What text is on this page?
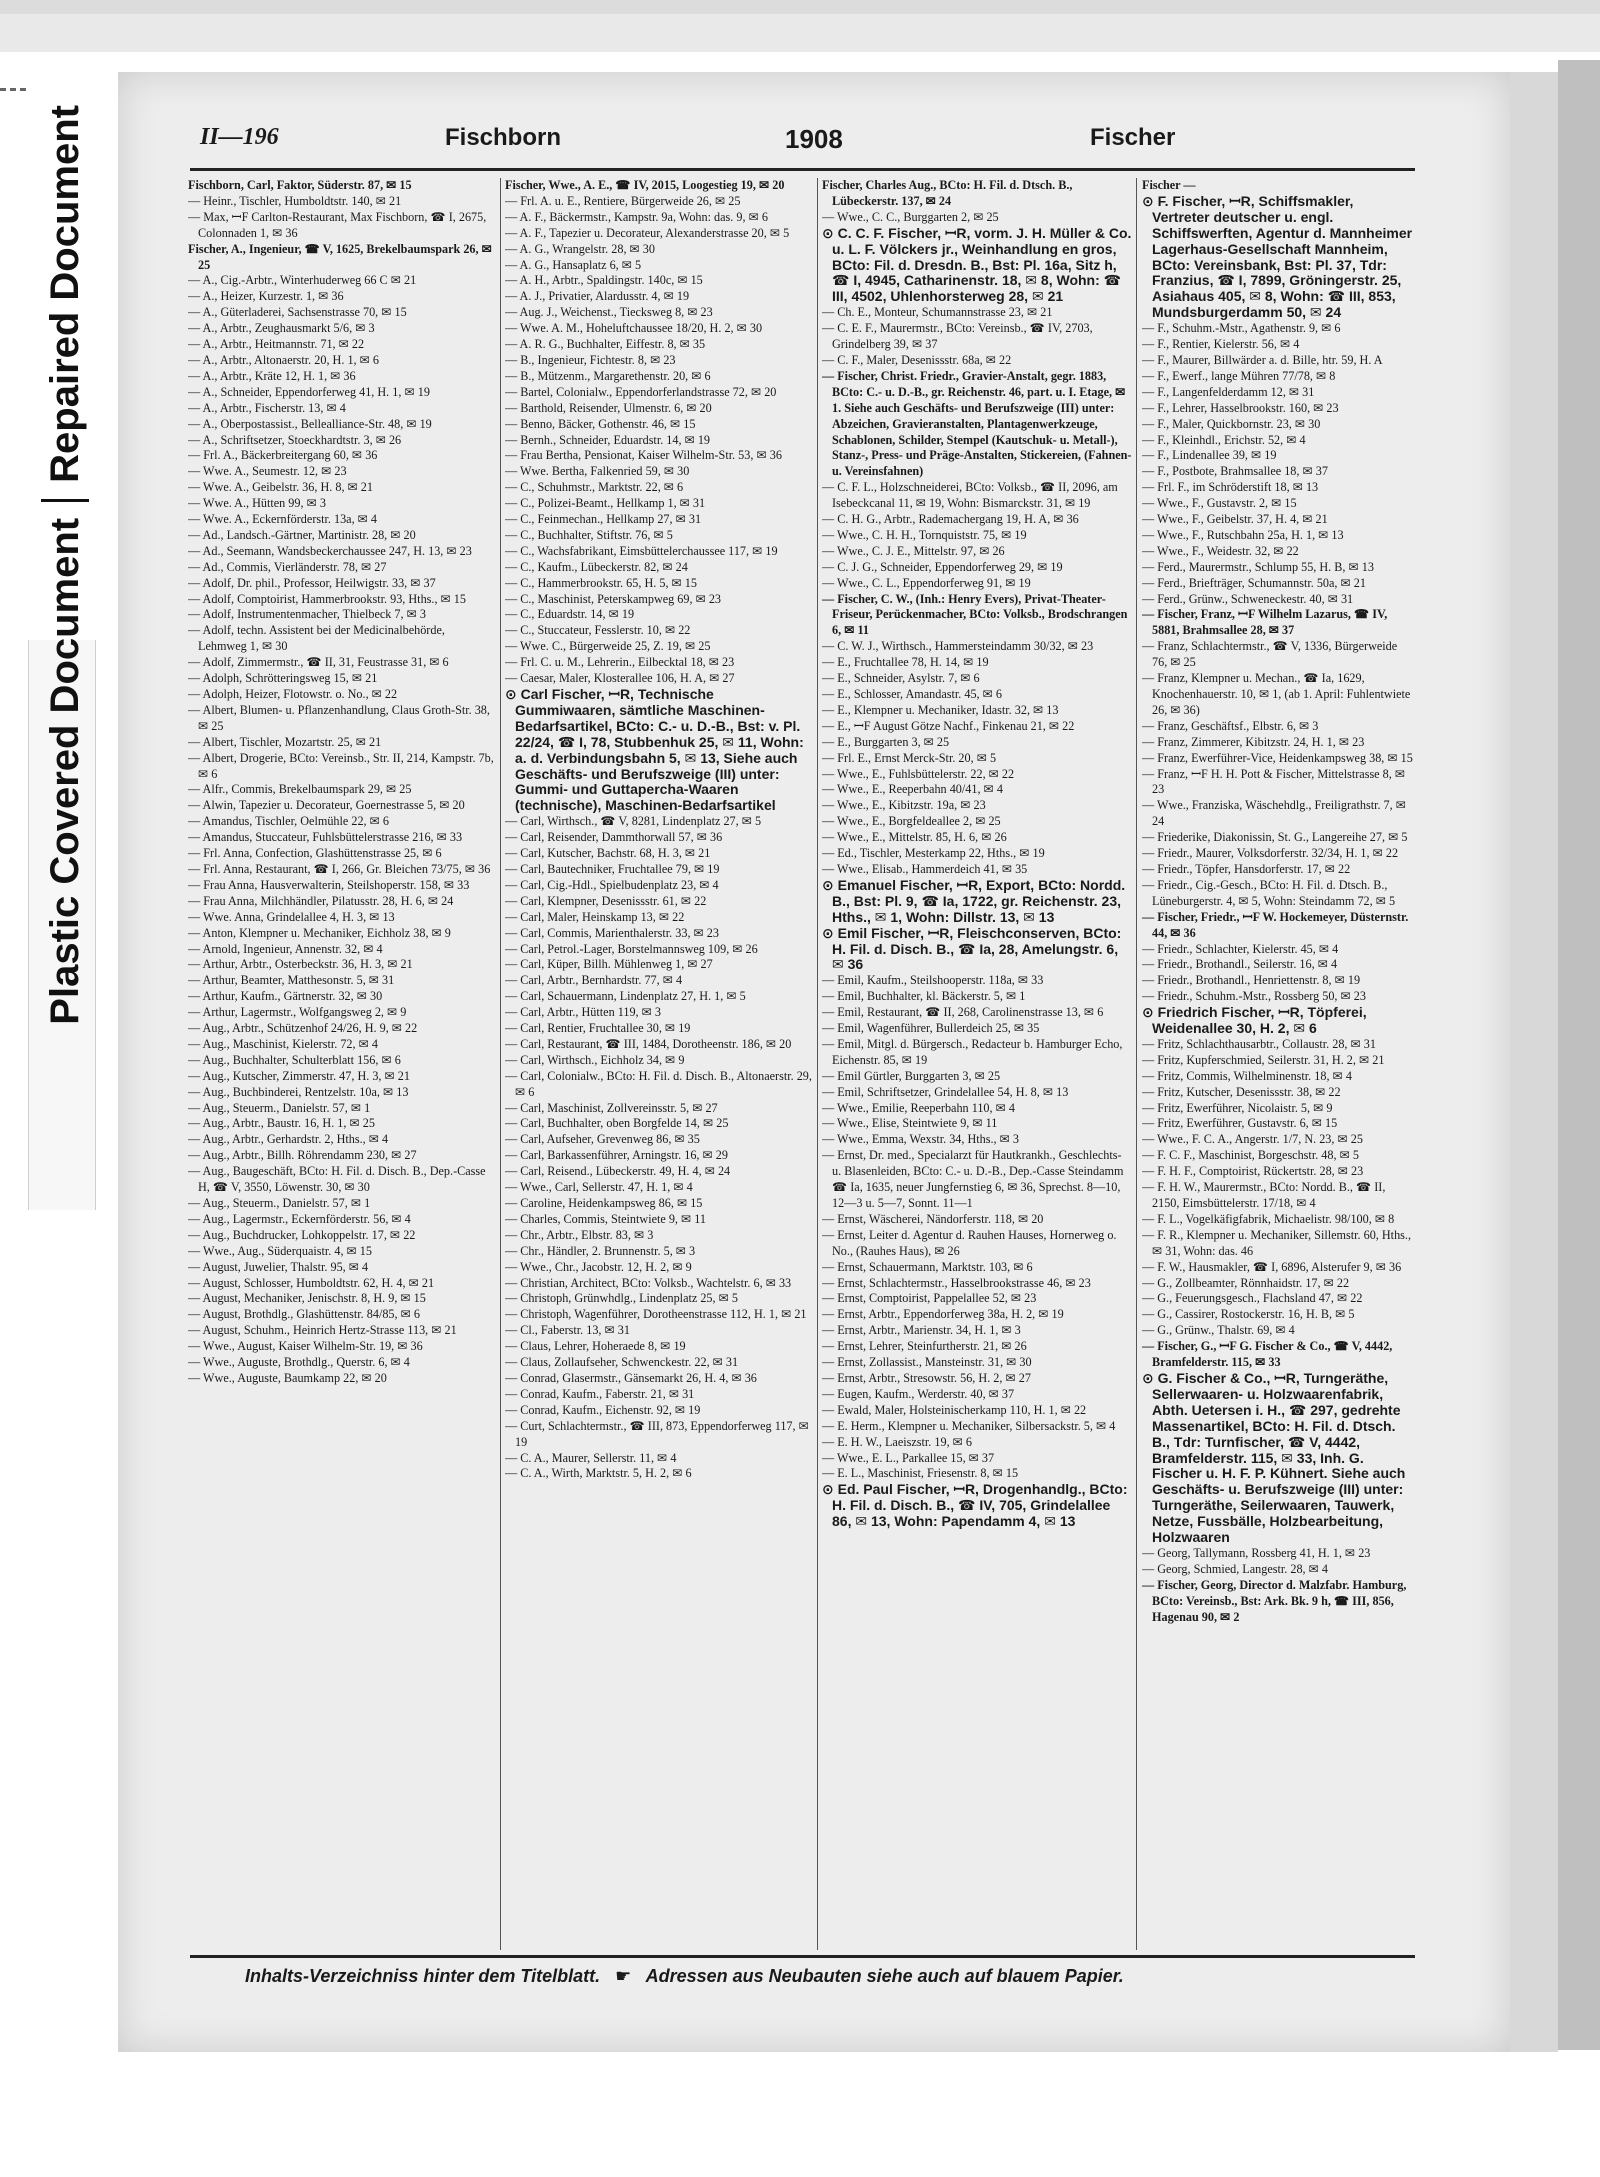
Plastic Covered Document
Repaired Document	II—196	Fischborn	1908	Fischer

Fischborn, Carl, Faktor, Süderstr. 87, ✉ 15

— Heinr., Tischler, Humboldtstr. 140, ✉ 21

— Max, ꟷF Carlton-Restaurant, Max Fischborn, ☎ I, 2675, Colonnaden 1, ✉ 36

Fischer, A., Ingenieur, ☎ V, 1625, Brekelbaumspark 26, ✉ 25

— A., Cig.-Arbtr., Winterhuderweg 66 C ✉ 21

— A., Heizer, Kurzestr. 1, ✉ 36

— A., Güterladerei, Sachsenstrasse 70, ✉ 15

— A., Arbtr., Zeughausmarkt 5/6, ✉ 3

— A., Arbtr., Heitmannstr. 71, ✉ 22

— A., Arbtr., Altonaerstr. 20, H. 1, ✉ 6

— A., Arbtr., Kräte 12, H. 1, ✉ 36

— A., Schneider, Eppendorferweg 41, H. 1, ✉ 19

— A., Arbtr., Fischerstr. 13, ✉ 4

— A., Oberpostassist., Bellealliance-Str. 48, ✉ 19

— A., Schriftsetzer, Stoeckhardtstr. 3, ✉ 26

— Frl. A., Bäckerbreitergang 60, ✉ 36

— Wwe. A., Seumestr. 12, ✉ 23

— Wwe. A., Geibelstr. 36, H. 8, ✉ 21

— Wwe. A., Hütten 99, ✉ 3

— Wwe. A., Eckernförderstr. 13a, ✉ 4

— Ad., Landsch.-Gärtner, Martinistr. 28, ✉ 20

— Ad., Seemann, Wandsbeckerchaussee 247, H. 13, ✉ 23

— Ad., Commis, Vierländerstr. 78, ✉ 27

— Adolf, Dr. phil., Professor, Heilwigstr. 33, ✉ 37

— Adolf, Comptoirist, Hammerbrookstr. 93, Hths., ✉ 15

— Adolf, Instrumentenmacher, Thielbeck 7, ✉ 3

— Adolf, techn. Assistent bei der Medicinalbehörde, Lehmweg 1, ✉ 30

— Adolf, Zimmermstr., ☎ II, 31, Feustrasse 31, ✉ 6

— Adolph, Schrötteringsweg 15, ✉ 21

— Adolph, Heizer, Flotowstr. o. No., ✉ 22

— Albert, Blumen- u. Pflanzenhandlung, Claus Groth-Str. 38, ✉ 25

— Albert, Tischler, Mozartstr. 25, ✉ 21

— Albert, Drogerie, BCto: Vereinsb., Str. II, 214, Kampstr. 7b, ✉ 6

— Alfr., Commis, Brekelbaumspark 29, ✉ 25

— Alwin, Tapezier u. Decorateur, Goernestrasse 5, ✉ 20

— Amandus, Tischler, Oelmühle 22, ✉ 6

— Amandus, Stuccateur, Fuhlsbüttelerstrasse 216, ✉ 33

— Frl. Anna, Confection, Glashüttenstrasse 25, ✉ 6

— Frl. Anna, Restaurant, ☎ I, 266, Gr. Bleichen 73/75, ✉ 36

— Frau Anna, Hausverwalterin, Steilshoperstr. 158, ✉ 33

— Frau Anna, Milchhändler, Pilatusstr. 28, H. 6, ✉ 24

— Wwe. Anna, Grindelallee 4, H. 3, ✉ 13

— Anton, Klempner u. Mechaniker, Eichholz 38, ✉ 9

— Arnold, Ingenieur, Annenstr. 32, ✉ 4

— Arthur, Arbtr., Osterbeckstr. 36, H. 3, ✉ 21

— Arthur, Beamter, Matthesonstr. 5, ✉ 31

— Arthur, Kaufm., Gärtnerstr. 32, ✉ 30

— Arthur, Lagermstr., Wolfgangsweg 2, ✉ 9

— Aug., Arbtr., Schützenhof 24/26, H. 9, ✉ 22

— Aug., Maschinist, Kielerstr. 72, ✉ 4

— Aug., Buchhalter, Schulterblatt 156, ✉ 6

— Aug., Kutscher, Zimmerstr. 47, H. 3, ✉ 21

— Aug., Buchbinderei, Rentzelstr. 10a, ✉ 13

— Aug., Steuerm., Danielstr. 57, ✉ 1

— Aug., Arbtr., Baustr. 16, H. 1, ✉ 25

— Aug., Arbtr., Gerhardstr. 2, Hths., ✉ 4

— Aug., Arbtr., Billh. Röhrendamm 230, ✉ 27

— Aug., Baugeschäft, BCto: H. Fil. d. Disch. B., Dep.-Casse H, ☎ V, 3550, Löwenstr. 30, ✉ 30

— Aug., Steuerm., Danielstr. 57, ✉ 1

— Aug., Lagermstr., Eckernförderstr. 56, ✉ 4

— Aug., Buchdrucker, Lohkoppelstr. 17, ✉ 22

— Wwe., Aug., Süderquaistr. 4, ✉ 15

— August, Juwelier, Thalstr. 95, ✉ 4

— August, Schlosser, Humboldtstr. 62, H. 4, ✉ 21

— August, Mechaniker, Jenischstr. 8, H. 9, ✉ 15

— August, Brothdlg., Glashüttenstr. 84/85, ✉ 6

— August, Schuhm., Heinrich Hertz-Strasse 113, ✉ 21

— Wwe., August, Kaiser Wilhelm-Str. 19, ✉ 36

— Wwe., Auguste, Brothdlg., Querstr. 6, ✉ 4

— Wwe., Auguste, Baumkamp 22, ✉ 20

Fischer, Wwe., A. E., ☎ IV, 2015, Loogestieg 19, ✉ 20

— Frl. A. u. E., Rentiere, Bürgerweide 26, ✉ 25

— A. F., Bäckermstr., Kampstr. 9a, Wohn: das. 9, ✉ 6

— A. F., Tapezier u. Decorateur, Alexanderstrasse 20, ✉ 5

— A. G., Wrangelstr. 28, ✉ 30

— A. G., Hansaplatz 6, ✉ 5

— A. H., Arbtr., Spaldingstr. 140c, ✉ 15

— A. J., Privatier, Alardusstr. 4, ✉ 19

— Aug. J., Weichenst., Tiecksweg 8, ✉ 23

— Wwe. A. M., Hoheluftchaussee 18/20, H. 2, ✉ 30

— A. R. G., Buchhalter, Eiffestr. 8, ✉ 35

— B., Ingenieur, Fichtestr. 8, ✉ 23

— B., Mützenm., Margarethenstr. 20, ✉ 6

— Bartel, Colonialw., Eppendorferlandstrasse 72, ✉ 20

— Barthold, Reisender, Ulmenstr. 6, ✉ 20

— Benno, Bäcker, Gothenstr. 46, ✉ 15

— Bernh., Schneider, Eduardstr. 14, ✉ 19

— Frau Bertha, Pensionat, Kaiser Wilhelm-Str. 53, ✉ 36

— Wwe. Bertha, Falkenried 59, ✉ 30

— C., Schuhmstr., Marktstr. 22, ✉ 6

— C., Polizei-Beamt., Hellkamp 1, ✉ 31

— C., Feinmechan., Hellkamp 27, ✉ 31

— C., Buchhalter, Stiftstr. 76, ✉ 5

— C., Wachsfabrikant, Eimsbüttelerchaussee 117, ✉ 19

— C., Kaufm., Lübeckerstr. 82, ✉ 24

— C., Hammerbrookstr. 65, H. 5, ✉ 15

— C., Maschinist, Peterskampweg 69, ✉ 23

— C., Eduardstr. 14, ✉ 19

— C., Stuccateur, Fesslerstr. 10, ✉ 22

— Wwe. C., Bürgerweide 25, Z. 19, ✉ 25

— Frl. C. u. M., Lehrerin., Eilbecktal 18, ✉ 23

— Caesar, Maler, Klosterallee 106, H. A, ✉ 27

⊙ Carl Fischer, ꟷR, Technische Gummiwaaren, sämtliche Maschinen-Bedarfsartikel, BCto: C.- u. D.-B., Bst: v. Pl. 22/24, ☎ I, 78, Stubbenhuk 25, ✉ 11, Wohn: a. d. Verbindungsbahn 5, ✉ 13, Siehe auch Geschäfts- und Berufszweige (III) unter: Gummi- und Guttapercha-Waaren (technische), Maschinen-Bedarfsartikel

— Carl, Wirthsch., ☎ V, 8281, Lindenplatz 27, ✉ 5

— Carl, Reisender, Dammthorwall 57, ✉ 36

— Carl, Kutscher, Bachstr. 68, H. 3, ✉ 21

— Carl, Bautechniker, Fruchtallee 79, ✉ 19

— Carl, Cig.-Hdl., Spielbudenplatz 23, ✉ 4

— Carl, Klempner, Desenissstr. 61, ✉ 22

— Carl, Maler, Heinskamp 13, ✉ 22

— Carl, Commis, Marienthalerstr. 33, ✉ 23

— Carl, Petrol.-Lager, Borstelmannsweg 109, ✉ 26

— Carl, Küper, Billh. Mühlenweg 1, ✉ 27

— Carl, Arbtr., Bernhardstr. 77, ✉ 4

— Carl, Schauermann, Lindenplatz 27, H. 1, ✉ 5

— Carl, Arbtr., Hütten 119, ✉ 3

— Carl, Rentier, Fruchtallee 30, ✉ 19

— Carl, Restaurant, ☎ III, 1484, Dorotheenstr. 186, ✉ 20

— Carl, Wirthsch., Eichholz 34, ✉ 9

— Carl, Colonialw., BCto: H. Fil. d. Disch. B., Altonaerstr. 29, ✉ 6

— Carl, Maschinist, Zollvereinsstr. 5, ✉ 27

— Carl, Buchhalter, oben Borgfelde 14, ✉ 25

— Carl, Aufseher, Grevenweg 86, ✉ 35

— Carl, Barkassenführer, Arningstr. 16, ✉ 29

— Carl, Reisend., Lübeckerstr. 49, H. 4, ✉ 24

— Wwe., Carl, Sellerstr. 47, H. 1, ✉ 4

— Caroline, Heidenkampsweg 86, ✉ 15

— Charles, Commis, Steintwiete 9, ✉ 11

— Chr., Arbtr., Elbstr. 83, ✉ 3

— Chr., Händler, 2. Brunnenstr. 5, ✉ 3

— Wwe., Chr., Jacobstr. 12, H. 2, ✉ 9

— Christian, Architect, BCto: Volksb., Wachtelstr. 6, ✉ 33

— Christoph, Grünwhdlg., Lindenplatz 25, ✉ 5

— Christoph, Wagenführer, Dorotheenstrasse 112, H. 1, ✉ 21

— Cl., Faberstr. 13, ✉ 31

— Claus, Lehrer, Hoheraede 8, ✉ 19

— Claus, Zollaufseher, Schwenckestr. 22, ✉ 31

— Conrad, Glasermstr., Gänsemarkt 26, H. 4, ✉ 36

— Conrad, Kaufm., Faberstr. 21, ✉ 31

— Conrad, Kaufm., Eichenstr. 92, ✉ 19

— Curt, Schlachtermstr., ☎ III, 873, Eppendorferweg 117, ✉ 19

— C. A., Maurer, Sellerstr. 11, ✉ 4

— C. A., Wirth, Marktstr. 5, H. 2, ✉ 6

Fischer, Charles Aug., BCto: H. Fil. d. Dtsch. B., Lübeckerstr. 137, ✉ 24

— Wwe., C. C., Burggarten 2, ✉ 25

⊙ C. C. F. Fischer, ꟷR, vorm. J. H. Müller & Co. u. L. F. Völckers jr., Weinhandlung en gros, BCto: Fil. d. Dresdn. B., Bst: Pl. 16a, Sitz h, ☎ I, 4945, Catharinenstr. 18, ✉ 8, Wohn: ☎ III, 4502, Uhlenhorsterweg 28, ✉ 21

— Ch. E., Monteur, Schumannstrasse 23, ✉ 21

— C. E. F., Maurermstr., BCto: Vereinsb., ☎ IV, 2703, Grindelberg 39, ✉ 37

— C. F., Maler, Desenissstr. 68a, ✉ 22

— Fischer, Christ. Friedr., Gravier-Anstalt, gegr. 1883, BCto: C.- u. D.-B., gr. Reichenstr. 46, part. u. I. Etage, ✉ 1. Siehe auch Geschäfts- und Berufszweige (III) unter: Abzeichen, Gravieranstalten, Plantagenwerkzeuge, Schablonen, Schilder, Stempel (Kautschuk- u. Metall-), Stanz-, Press- und Präge-Anstalten, Stickereien, (Fahnen- u. Vereinsfahnen)

— C. F. L., Holzschneiderei, BCto: Volksb., ☎ II, 2096, am Isebeckcanal 11, ✉ 19, Wohn: Bismarckstr. 31, ✉ 19

— C. H. G., Arbtr., Rademachergang 19, H. A, ✉ 36

— Wwe., C. H. H., Tornquiststr. 75, ✉ 19

— Wwe., C. J. E., Mittelstr. 97, ✉ 26

— C. J. G., Schneider, Eppendorferweg 29, ✉ 19

— Wwe., C. L., Eppendorferweg 91, ✉ 19

— Fischer, C. W., (Inh.: Henry Evers), Privat-Theater-Friseur, Perückenmacher, BCto: Volksb., Brodschrangen 6, ✉ 11

— C. W. J., Wirthsch., Hammersteindamm 30/32, ✉ 23

— E., Fruchtallee 78, H. 14, ✉ 19

— E., Schneider, Asylstr. 7, ✉ 6

— E., Schlosser, Amandastr. 45, ✉ 6

— E., Klempner u. Mechaniker, Idastr. 32, ✉ 13

— E., ꟷF August Götze Nachf., Finkenau 21, ✉ 22

— E., Burggarten 3, ✉ 25

— Frl. E., Ernst Merck-Str. 20, ✉ 5

— Wwe., E., Fuhlsbüttelerstr. 22, ✉ 22

— Wwe., E., Reeperbahn 40/41, ✉ 4

— Wwe., E., Kibitzstr. 19a, ✉ 23

— Wwe., E., Borgfeldeallee 2, ✉ 25

— Wwe., E., Mittelstr. 85, H. 6, ✉ 26

— Ed., Tischler, Mesterkamp 22, Hths., ✉ 19

— Wwe., Elisab., Hammerdeich 41, ✉ 35

⊙ Emanuel Fischer, ꟷR, Export, BCto: Nordd. B., Bst: Pl. 9, ☎ Ia, 1722, gr. Reichenstr. 23, Hths., ✉ 1, Wohn: Dillstr. 13, ✉ 13

⊙ Emil Fischer, ꟷR, Fleischconserven, BCto: H. Fil. d. Disch. B., ☎ Ia, 28, Amelungstr. 6, ✉ 36

— Emil, Kaufm., Steilshooperstr. 118a, ✉ 33

— Emil, Buchhalter, kl. Bäckerstr. 5, ✉ 1

— Emil, Restaurant, ☎ II, 268, Carolinenstrasse 13, ✉ 6

— Emil, Wagenführer, Bullerdeich 25, ✉ 35

— Emil, Mitgl. d. Bürgersch., Redacteur b. Hamburger Echo, Eichenstr. 85, ✉ 19

— Emil Gürtler, Burggarten 3, ✉ 25

— Emil, Schriftsetzer, Grindelallee 54, H. 8, ✉ 13

— Wwe., Emilie, Reeperbahn 110, ✉ 4

— Wwe., Elise, Steintwiete 9, ✉ 11

— Wwe., Emma, Wexstr. 34, Hths., ✉ 3

— Ernst, Dr. med., Specialarzt für Hautkrankh., Geschlechts- u. Blasenleiden, BCto: C.- u. D.-B., Dep.-Casse Steindamm ☎ Ia, 1635, neuer Jungfernstieg 6, ✉ 36, Sprechst. 8—10, 12—3 u. 5—7, Sonnt. 11—1

— Ernst, Wäscherei, Nändorferstr. 118, ✉ 20

— Ernst, Leiter d. Agentur d. Rauhen Hauses, Hornerweg o. No., (Rauhes Haus), ✉ 26

— Ernst, Schauermann, Marktstr. 103, ✉ 6

— Ernst, Schlachtermstr., Hasselbrookstrasse 46, ✉ 23

— Ernst, Comptoirist, Pappelallee 52, ✉ 23

— Ernst, Arbtr., Eppendorferweg 38a, H. 2, ✉ 19

— Ernst, Arbtr., Marienstr. 34, H. 1, ✉ 3

— Ernst, Lehrer, Steinfurtherstr. 21, ✉ 26

— Ernst, Zollassist., Mansteinstr. 31, ✉ 30

— Ernst, Arbtr., Stresowstr. 56, H. 2, ✉ 27

— Eugen, Kaufm., Werderstr. 40, ✉ 37

— Ewald, Maler, Holsteinischerkamp 110, H. 1, ✉ 22

— E. Herm., Klempner u. Mechaniker, Silbersackstr. 5, ✉ 4

— E. H. W., Laeiszstr. 19, ✉ 6

— Wwe., E. L., Parkallee 15, ✉ 37

— E. L., Maschinist, Friesenstr. 8, ✉ 15

⊙ Ed. Paul Fischer, ꟷR, Drogenhandlg., BCto: H. Fil. d. Disch. B., ☎ IV, 705, Grindelallee 86, ✉ 13, Wohn: Papendamm 4, ✉ 13

Fischer —

⊙ F. Fischer, ꟷR, Schiffsmakler, Vertreter deutscher u. engl. Schiffswerften, Agentur d. Mannheimer Lagerhaus-Gesellschaft Mannheim, BCto: Vereinsbank, Bst: Pl. 37, Tdr: Franzius, ☎ I, 7899, Gröningerstr. 25, Asiahaus 405, ✉ 8, Wohn: ☎ III, 853, Mundsburgerdamm 50, ✉ 24

— F., Schuhm.-Mstr., Agathenstr. 9, ✉ 6

— F., Rentier, Kielerstr. 56, ✉ 4

— F., Maurer, Billwärder a. d. Bille, htr. 59, H. A

— F., Ewerf., lange Mühren 77/78, ✉ 8

— F., Langenfelderdamm 12, ✉ 31

— F., Lehrer, Hasselbrookstr. 160, ✉ 23

— F., Maler, Quickbornstr. 23, ✉ 30

— F., Kleinhdl., Erichstr. 52, ✉ 4

— F., Lindenallee 39, ✉ 19

— F., Postbote, Brahmsallee 18, ✉ 37

— Frl. F., im Schröderstift 18, ✉ 13

— Wwe., F., Gustavstr. 2, ✉ 15

— Wwe., F., Geibelstr. 37, H. 4, ✉ 21

— Wwe., F., Rutschbahn 25a, H. 1, ✉ 13

— Wwe., F., Weidestr. 32, ✉ 22

— Ferd., Maurermstr., Schlump 55, H. B, ✉ 13

— Ferd., Briefträger, Schumannstr. 50a, ✉ 21

— Ferd., Grünw., Schweneckestr. 40, ✉ 31

— Fischer, Franz, ꟷF Wilhelm Lazarus, ☎ IV, 5881, Brahmsallee 28, ✉ 37

— Franz, Schlachtermstr., ☎ V, 1336, Bürgerweide 76, ✉ 25

— Franz, Klempner u. Mechan., ☎ Ia, 1629, Knochenhauerstr. 10, ✉ 1, (ab 1. April: Fuhlentwiete 26, ✉ 36)

— Franz, Geschäftsf., Elbstr. 6, ✉ 3

— Franz, Zimmerer, Kibitzstr. 24, H. 1, ✉ 23

— Franz, Ewerführer-Vice, Heidenkampsweg 38, ✉ 15

— Franz, ꟷF H. H. Pott & Fischer, Mittelstrasse 8, ✉ 23

— Wwe., Franziska, Wäschehdlg., Freiligrathstr. 7, ✉ 24

— Friederike, Diakonissin, St. G., Langereihe 27, ✉ 5

— Friedr., Maurer, Volksdorferstr. 32/34, H. 1, ✉ 22

— Friedr., Töpfer, Hansdorferstr. 17, ✉ 22

— Friedr., Cig.-Gesch., BCto: H. Fil. d. Dtsch. B., Lüneburgerstr. 4, ✉ 5, Wohn: Steindamm 72, ✉ 5

— Fischer, Friedr., ꟷF W. Hockemeyer, Düsternstr. 44, ✉ 36

— Friedr., Schlachter, Kielerstr. 45, ✉ 4

— Friedr., Brothandl., Seilerstr. 16, ✉ 4

— Friedr., Brothandl., Henriettenstr. 8, ✉ 19

— Friedr., Schuhm.-Mstr., Rossberg 50, ✉ 23

⊙ Friedrich Fischer, ꟷR, Töpferei, Weidenallee 30, H. 2, ✉ 6

— Fritz, Schlachthausarbtr., Collaustr. 28, ✉ 31

— Fritz, Kupferschmied, Seilerstr. 31, H. 2, ✉ 21

— Fritz, Commis, Wilhelminenstr. 18, ✉ 4

— Fritz, Kutscher, Desenissstr. 38, ✉ 22

— Fritz, Ewerführer, Nicolaistr. 5, ✉ 9

— Fritz, Ewerführer, Gustavstr. 6, ✉ 15

— Wwe., F. C. A., Angerstr. 1/7, N. 23, ✉ 25

— F. C. F., Maschinist, Borgeschstr. 48, ✉ 5

— F. H. F., Comptoirist, Rückertstr. 28, ✉ 23

— F. H. W., Maurermstr., BCto: Nordd. B., ☎ II, 2150, Eimsbüttelerstr. 17/18, ✉ 4

— F. L., Vogelkäfigfabrik, Michaelistr. 98/100, ✉ 8

— F. R., Klempner u. Mechaniker, Sillemstr. 60, Hths., ✉ 31, Wohn: das. 46

— F. W., Hausmakler, ☎ I, 6896, Alsterufer 9, ✉ 36

— G., Zollbeamter, Rönnhaidstr. 17, ✉ 22

— G., Feuerungsgesch., Flachsland 47, ✉ 22

— G., Cassirer, Rostockerstr. 16, H. B, ✉ 5

— G., Grünw., Thalstr. 69, ✉ 4

— Fischer, G., ꟷF G. Fischer & Co., ☎ V, 4442, Bramfelderstr. 115, ✉ 33

⊙ G. Fischer & Co., ꟷR, Turngeräthe, Sellerwaaren- u. Holzwaarenfabrik, Abth. Uetersen i. H., ☎ 297, gedrehte Massenartikel, BCto: H. Fil. d. Dtsch. B., Tdr: Turnfischer, ☎ V, 4442, Bramfelderstr. 115, ✉ 33, Inh. G. Fischer u. H. F. P. Kühnert. Siehe auch Geschäfts- u. Berufszweige (III) unter: Turngeräthe, Seilerwaaren, Tauwerk, Netze, Fussbälle, Holzbearbeitung, Holzwaaren

— Georg, Tallymann, Rossberg 41, H. 1, ✉ 23

— Georg, Schmied, Langestr. 28, ✉ 4

— Fischer, Georg, Director d. Malzfabr. Hamburg, BCto: Vereinsb., Bst: Ark. Bk. 9 h, ☎ III, 856, Hagenau 90, ✉ 2

Inhalts-Verzeichniss hinter dem Titelblatt. ☛ Adressen aus Neubauten siehe auch auf blauem Papier.
